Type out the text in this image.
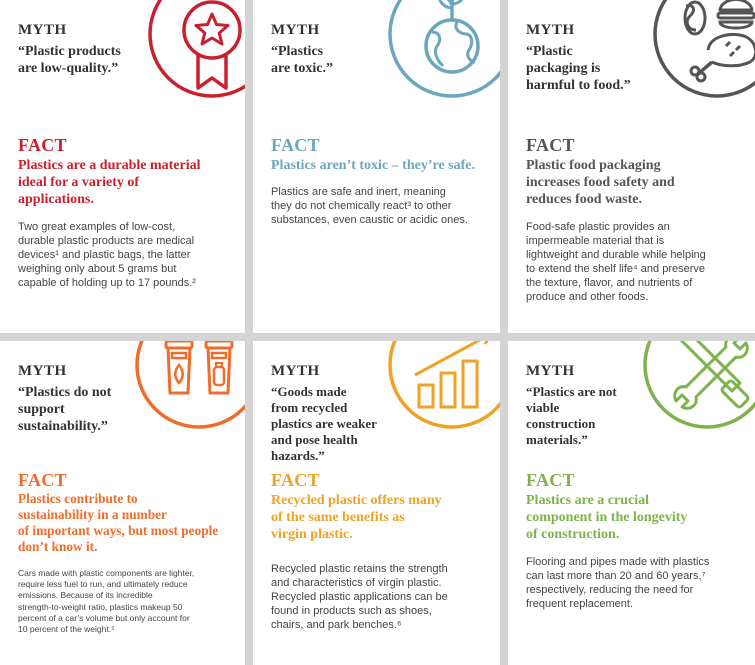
MYTH
“Plastic products
are low-quality.”
FACT
Plastics are a durable material
ideal for a variety of
applications.
Two great examples of low-cost,
durable plastic products are medical
devices¹ and plastic bags, the latter
weighing only about 5 grams but
capable of holding up to 17 pounds.²
MYTH
“Plastics
are toxic.”
FACT
Plastics aren’t toxic – they’re safe.
Plastics are safe and inert, meaning
they do not chemically react³ to other
substances, even caustic or acidic ones.
MYTH
“Plastic
packaging is
harmful to food.”
FACT
Plastic food packaging
increases food safety and
reduces food waste.
Food-safe plastic provides an
impermeable material that is
lightweight and durable while helping
to extend the shelf life⁴ and preserve
the texture, flavor, and nutrients of
produce and other foods.
MYTH
“Plastics do not
support
sustainability.”
FACT
Plastics contribute to
sustainability in a number
of important ways, but most people
don’t know it.
Cars made with plastic components are lighter,
require less fuel to run, and ultimately reduce
emissions. Because of its incredible
strength-to-weight ratio, plastics makeup 50
percent of a car’s volume but only account for
10 percent of the weight.⁵
MYTH
“Goods made
from recycled
plastics are weaker
and pose health
hazards.”
FACT
Recycled plastic offers many
of the same benefits as
virgin plastic.
Recycled plastic retains the strength
and characteristics of virgin plastic.
Recycled plastic applications can be
found in products such as shoes,
chairs, and park benches.⁶
MYTH
“Plastics are not
viable
construction
materials.”
FACT
Plastics are a crucial
component in the longevity
of construction.
Flooring and pipes made with plastics
can last more than 20 and 60 years,⁷
respectively, reducing the need for
frequent replacement.
